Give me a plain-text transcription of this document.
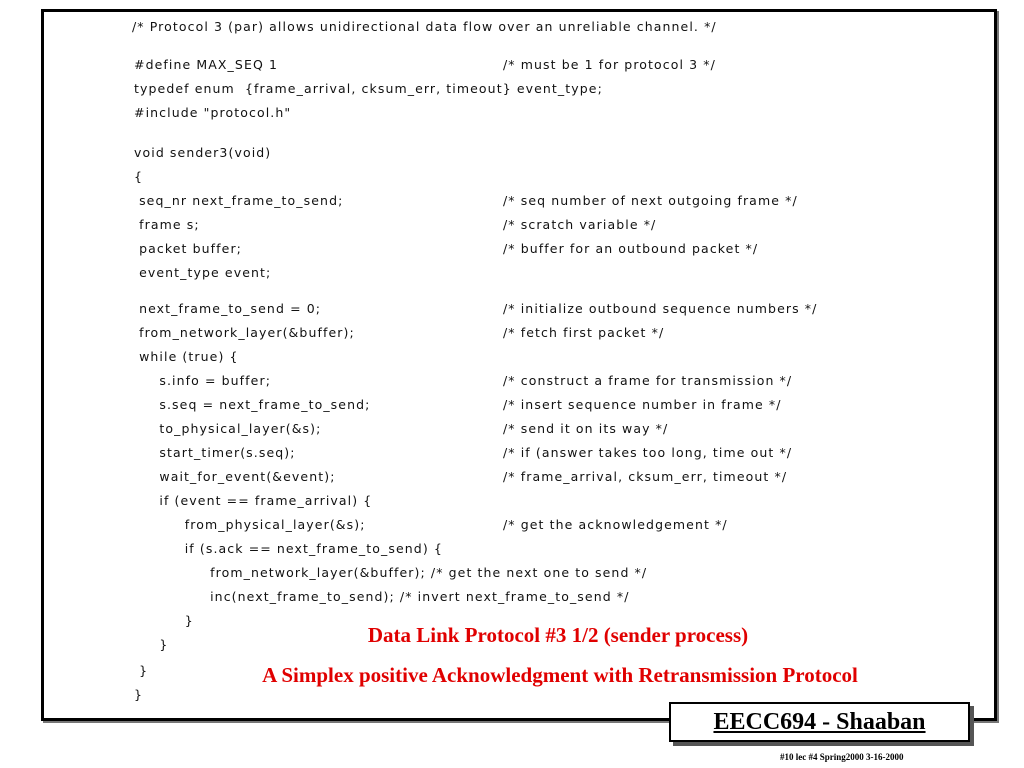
/* Protocol 3 (par) allows unidirectional data flow over an unreliable channel. */

#define MAX_SEQ 1	/* must be 1 for protocol 3 */

typedef enum  {frame_arrival, cksum_err, timeout} event_type;

#include "protocol.h"

void sender3(void)

{

seq_nr next_frame_to_send;	/* seq number of next outgoing frame */

frame s;	/* scratch variable */

packet buffer;	/* buffer for an outbound packet */

event_type event;

next_frame_to_send = 0;	/* initialize outbound sequence numbers */

from_network_layer(&buffer);	/* fetch first packet */

while (true) {

s.info = buffer;	/* construct a frame for transmission */

s.seq = next_frame_to_send;	/* insert sequence number in frame */

to_physical_layer(&s);	/* send it on its way */

start_timer(s.seq);	/* if (answer takes too long, time out */

wait_for_event(&event);	/* frame_arrival, cksum_err, timeout */

if (event == frame_arrival) {

from_physical_layer(&s);	/* get the acknowledgement */

if (s.ack == next_frame_to_send) {

from_network_layer(&buffer); /* get the next one to send */

inc(next_frame_to_send); /* invert next_frame_to_send */

}

}

}

}

Data Link Protocol #3 1/2 (sender process)

A Simplex positive Acknowledgment with Retransmission Protocol

EECC694 - Shaaban

#10 lec #4 Spring2000 3-16-2000
